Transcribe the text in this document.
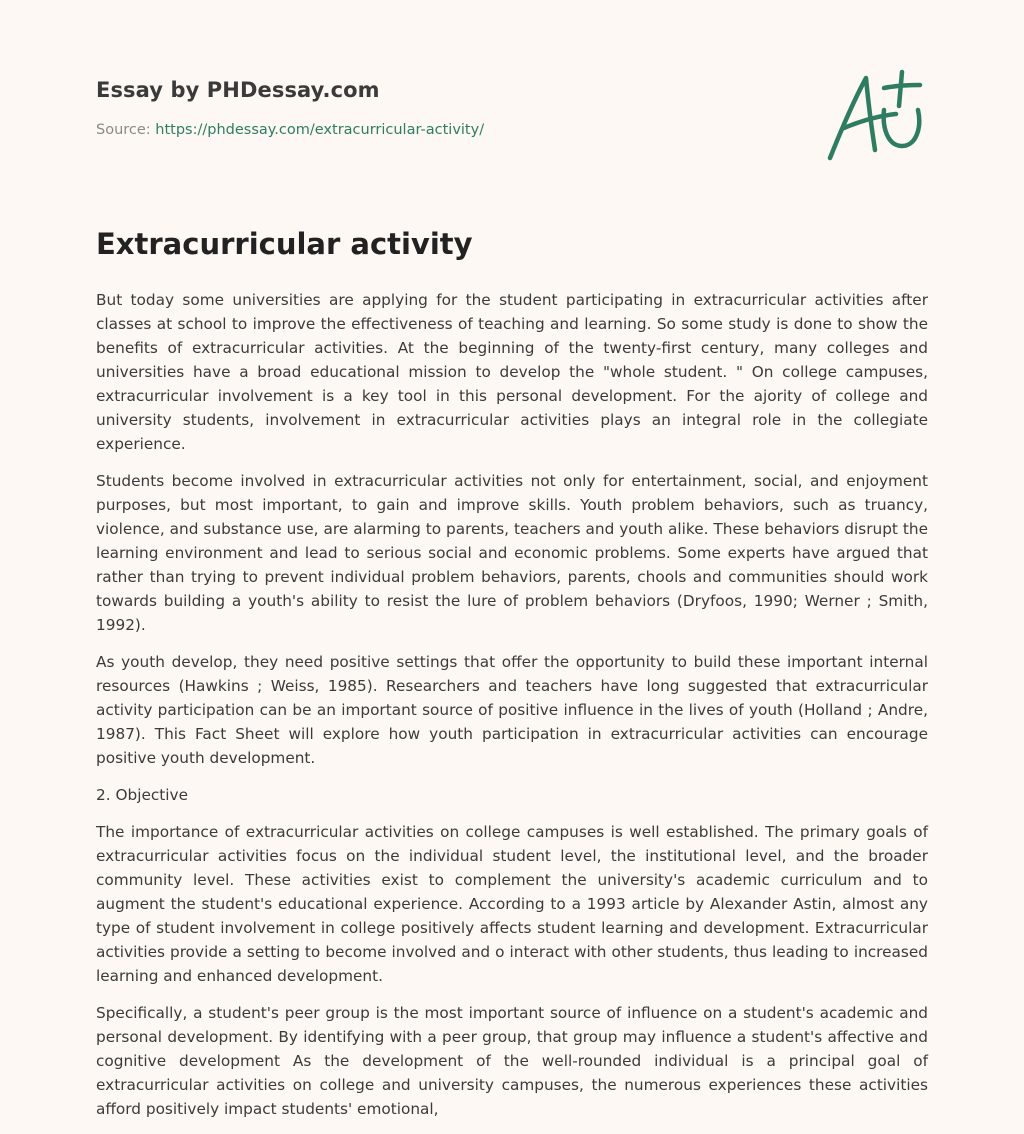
Essay by PHDessay.com
Source: https://phdessay.com/extracurricular-activity/
Extracurricular activity

But today some universities are applying for the student participating in extracurricular activities after classes at school to improve the effectiveness of teaching and learning. So some study is done to show the benefits of extracurricular activities. At the beginning of the twenty-first century, many colleges and universities have a broad educational mission to develop the "whole student. " On college campuses, extracurricular involvement is a key tool in this personal development. For the ajority of college and university students, involvement in extracurricular activities plays an integral role in the collegiate experience.

Students become involved in extracurricular activities not only for entertainment, social, and enjoyment purposes, but most important, to gain and improve skills. Youth problem behaviors, such as truancy, violence, and substance use, are alarming to parents, teachers and youth alike. These behaviors disrupt the learning environment and lead to serious social and economic problems. Some experts have argued that rather than trying to prevent individual problem behaviors, parents, chools and communities should work towards building a youth's ability to resist the lure of problem behaviors (Dryfoos, 1990; Werner ; Smith, 1992).

As youth develop, they need positive settings that offer the opportunity to build these important internal resources (Hawkins ; Weiss, 1985). Researchers and teachers have long suggested that extracurricular activity participation can be an important source of positive influence in the lives of youth (Holland ; Andre, 1987). This Fact Sheet will explore how youth participation in extracurricular activities can encourage positive youth development.

2. Objective

The importance of extracurricular activities on college campuses is well established. The primary goals of extracurricular activities focus on the individual student level, the institutional level, and the broader community level. These activities exist to complement the university's academic curriculum and to augment the student's educational experience. According to a 1993 article by Alexander Astin, almost any type of student involvement in college positively affects student learning and development. Extracurricular activities provide a setting to become involved and o interact with other students, thus leading to increased learning and enhanced development.

Specifically, a student's peer group is the most important source of influence on a student's academic and personal development. By identifying with a peer group, that group may influence a student's affective and cognitive development As the development of the well-rounded individual is a principal goal of extracurricular activities on college and university campuses, the numerous experiences these activities afford positively impact students' emotional,
